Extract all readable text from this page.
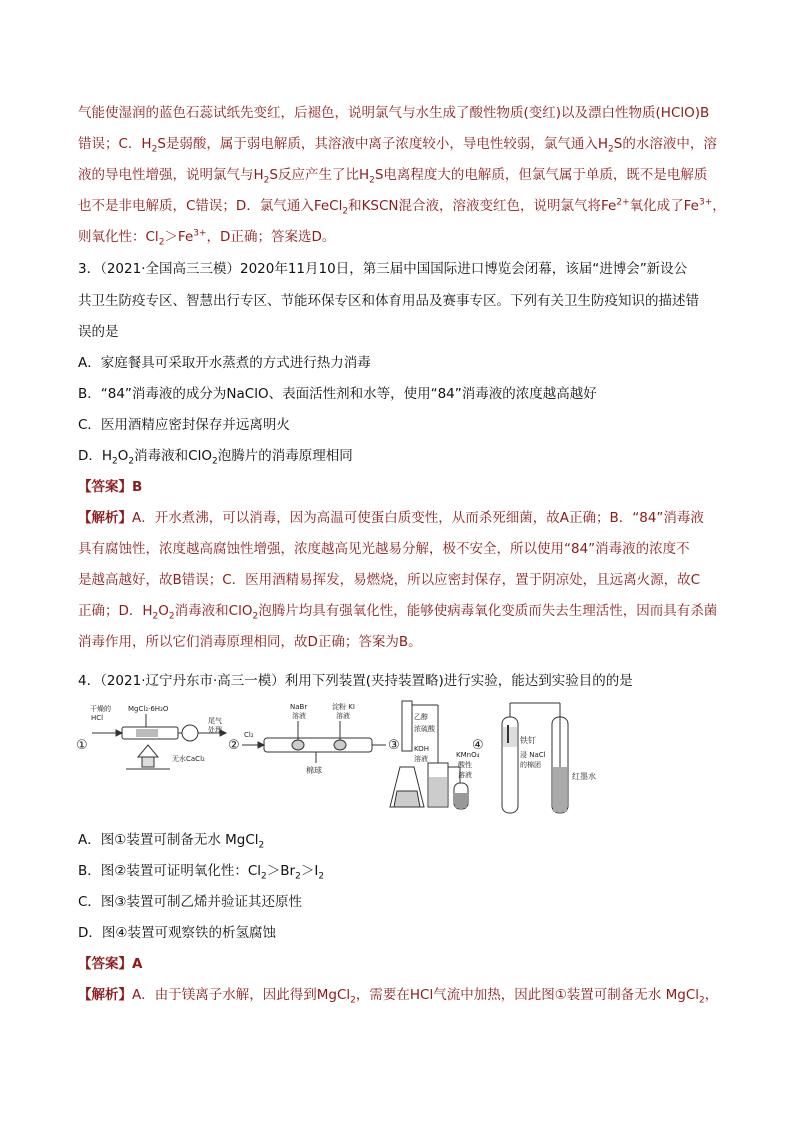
气能使湿润的蓝色石蕊试纸先变红，后褪色，说明氯气与水生成了酸性物质(变红)以及漂白性物质(HClO)B
错误；C．$H_2S$是弱酸，属于弱电解质，其溶液中离子浓度较小，导电性较弱，氯气通入$H_2S$的水溶液中，溶
液的导电性增强，说明氯气与$H_2S$反应产生了比$H_2S$电离程度大的电解质，但氯气属于单质，既不是电解质
也不是非电解质，C错误；D．氯气通入FeCl$_2$和KSCN混合液，溶液变红色，说明氯气将$Fe^{2+}$氧化成了$Fe^{3+}$，
则氧化性：$Cl_2>Fe^{3+}$，D正确；答案选D。
3．（2021·全国高三三模）2020年11月10日，第三届中国国际进口博览会闭幕，该届“进博会”新设公
共卫生防疫专区、智慧出行专区、节能环保专区和体育用品及赛事专区。下列有关卫生防疫知识的描述错
误的是
A．家庭餐具可采取开水蒸煮的方式进行热力消毒
B．“84”消毒液的成分为NaClO、表面活性剂和水等，使用“84”消毒液的浓度越高越好
C．医用酒精应密封保存并远离明火
D．$H_2O_2$消毒液和ClO$_2$泡腾片的消毒原理相同
【答案】B
【解析】A．开水煮沸，可以消毒，因为高温可使蛋白质变性，从而杀死细菌，故A正确；B．“84”消毒液
具有腐蚀性，浓度越高腐蚀性增强，浓度越高见光越易分解，极不安全，所以使用“84”消毒液的浓度不
是越高越好，故B错误；C．医用酒精易挥发，易燃烧，所以应密封保存，置于阴凉处，且远离火源，故C
正确；D．$H_2O_2$消毒液和ClO$_2$泡腾片均具有强氧化性，能够使病毒氧化变质而失去生理活性，因而具有杀菌
消毒作用，所以它们消毒原理相同，故D正确；答案为B。
4．（2021·辽宁丹东市·高三一模）利用下列装置(夹持装置略)进行实验，能达到实验目的的是
①
干燥的
HCl
MgCl₂·6H₂O
尾气
处理
无水CaCl₂
②
Cl₂
NaBr
溶液
淀粉 KI
溶液
棉球
③
乙醇
浓硫酸
KOH
溶液	KMnO₄
酸性
溶液
④	铁钉
浸 NaCl
的棉团
红墨水
A．图①装置可制备无水 MgCl$_2$
B．图②装置可证明氧化性：$Cl_2>Br_2>I_2$
C．图③装置可制乙烯并验证其还原性
D．图④装置可观察铁的析氢腐蚀
【答案】A
【解析】A．由于镁离子水解，因此得到MgCl$_2$，需要在HCl气流中加热，因此图①装置可制备无水 MgCl$_2$，
